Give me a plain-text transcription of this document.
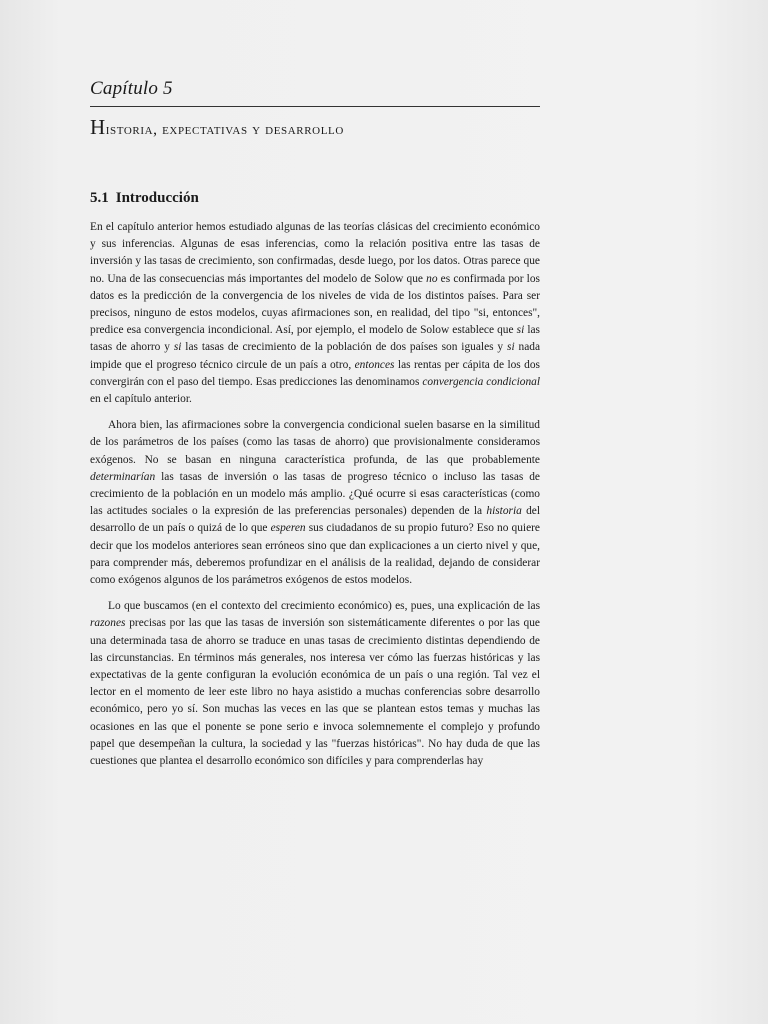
Capítulo 5
Historia, expectativas y desarrollo
5.1 Introducción

En el capítulo anterior hemos estudiado algunas de las teorías clásicas del crecimiento económico y sus inferencias. Algunas de esas inferencias, como la relación positiva entre las tasas de inversión y las tasas de crecimiento, son confirmadas, desde luego, por los datos. Otras parece que no. Una de las consecuencias más importantes del modelo de Solow que no es confirmada por los datos es la predicción de la convergencia de los niveles de vida de los distintos países. Para ser precisos, ninguno de estos modelos, cuyas afirmaciones son, en realidad, del tipo "si, entonces", predice esa convergencia incondicional. Así, por ejemplo, el modelo de Solow establece que si las tasas de ahorro y si las tasas de crecimiento de la población de dos países son iguales y si nada impide que el progreso técnico circule de un país a otro, entonces las rentas per cápita de los dos convergirán con el paso del tiempo. Esas predicciones las denominamos convergencia condicional en el capítulo anterior.

Ahora bien, las afirmaciones sobre la convergencia condicional suelen basarse en la similitud de los parámetros de los países (como las tasas de ahorro) que provisionalmente consideramos exógenos. No se basan en ninguna característica profunda, de las que probablemente determinarían las tasas de inversión o las tasas de progreso técnico o incluso las tasas de crecimiento de la población en un modelo más amplio. ¿Qué ocurre si esas características (como las actitudes sociales o la expresión de las preferencias personales) dependen de la historia del desarrollo de un país o quizá de lo que esperen sus ciudadanos de su propio futuro? Eso no quiere decir que los modelos anteriores sean erróneos sino que dan explicaciones a un cierto nivel y que, para comprender más, deberemos profundizar en el análisis de la realidad, dejando de considerar como exógenos algunos de los parámetros exógenos de estos modelos.

Lo que buscamos (en el contexto del crecimiento económico) es, pues, una explicación de las razones precisas por las que las tasas de inversión son sistemáticamente diferentes o por las que una determinada tasa de ahorro se traduce en unas tasas de crecimiento distintas dependiendo de las circunstancias. En términos más generales, nos interesa ver cómo las fuerzas históricas y las expectativas de la gente configuran la evolución económica de un país o una región. Tal vez el lector en el momento de leer este libro no haya asistido a muchas conferencias sobre desarrollo económico, pero yo sí. Son muchas las veces en las que se plantean estos temas y muchas las ocasiones en las que el ponente se pone serio e invoca solemnemente el complejo y profundo papel que desempeñan la cultura, la sociedad y las "fuerzas históricas". No hay duda de que las cuestiones que plantea el desarrollo económico son difíciles y para comprenderlas hay
